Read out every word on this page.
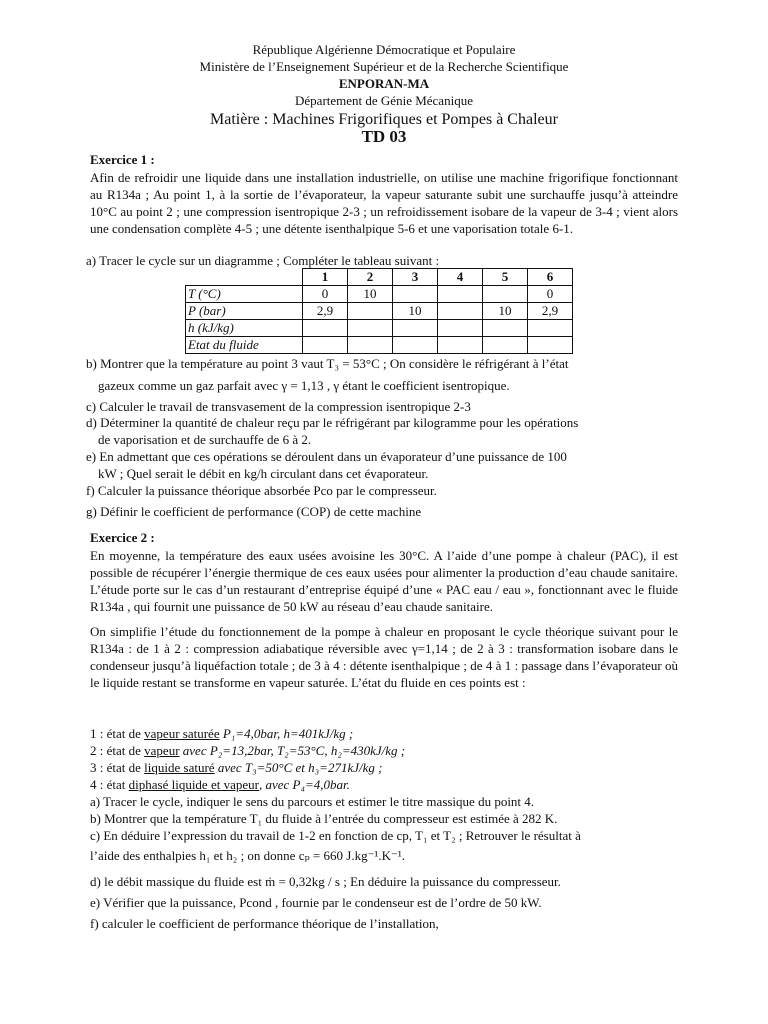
République Algérienne Démocratique et Populaire
Ministère de l’Enseignement Supérieur et de la Recherche Scientifique
ENPORAN-MA
Département de Génie Mécanique
Matière : Machines Frigorifiques et Pompes à Chaleur
TD 03
Exercice 1 :
Afin de refroidir une liquide dans une installation industrielle, on utilise une machine frigorifique fonctionnant au R134a ; Au point 1, à la sortie de l’évaporateur, la vapeur saturante subit une surchauffe jusqu’à atteindre 10°C au point 2 ; une compression isentropique 2-3 ; un refroidissement isobare de la vapeur de 3-4 ; vient alors une condensation complète 4-5 ; une détente isenthalpique 5-6 et une vaporisation totale 6-1.
a) Tracer le cycle sur un diagramme ; Compléter le tableau suivant :
	1	2	3	4	5	6
T (°C)	0	10				0
P (bar)	2,9		10		10	2,9
h (kJ/kg)						
Etat du fluide						
b) Montrer que la température au point 3 vaut T₃ = 53°C ; On considère le réfrigérant à l’état
gazeux comme un gaz parfait avec γ = 1,13 , γ étant le coefficient isentropique.
c) Calculer le travail de transvasement de la compression isentropique 2-3
d) Déterminer la quantité de chaleur reçu par le réfrigérant par kilogramme pour les opérations
de vaporisation et de surchauffe de 6 à 2.
e) En admettant que ces opérations se déroulent dans un évaporateur d’une puissance de 100
kW ; Quel serait le débit en kg/h circulant dans cet évaporateur.
f) Calculer la puissance théorique absorbée Pco par le compresseur.
g) Définir le coefficient de performance (COP) de cette machine
Exercice 2 :
En moyenne, la température des eaux usées avoisine les 30°C. A l’aide d’une pompe à chaleur (PAC), il est possible de récupérer l’énergie thermique de ces eaux usées pour alimenter la production d’eau chaude sanitaire. L’étude porte sur le cas d’un restaurant d’entreprise équipé d’une « PAC eau / eau », fonctionnant avec le fluide R134a , qui fournit une puissance de 50 kW au réseau d’eau chaude sanitaire.
On simplifie l’étude du fonctionnement de la pompe à chaleur en proposant le cycle théorique suivant pour le R134a : de 1 à 2 : compression adiabatique réversible avec γ=1,14 ; de 2 à 3 : transformation isobare dans le condenseur jusqu’à liquéfaction totale ; de 3 à 4 : détente isenthalpique ; de 4 à 1 : passage dans l’évaporateur où le liquide restant se transforme en vapeur saturée. L’état du fluide en ces points est :
1 : état de vapeur saturée P₁=4,0bar, h=401kJ/kg ;
2 : état de vapeur avec P₂=13,2bar, T₂=53°C, h₂=430kJ/kg ;
3 : état de liquide saturé avec T₃=50°C et h₃=271kJ/kg ;
4 : état diphasé liquide et vapeur, avec P₄=4,0bar.
a) Tracer le cycle, indiquer le sens du parcours et estimer le titre massique du point 4.
b) Montrer que la température T₁ du fluide à l’entrée du compresseur est estimée à 282 K.
c) En déduire l’expression du travail de 1-2 en fonction de cp, T₁ et T₂ ; Retrouver le résultat à
l’aide des enthalpies h₁ et h₂ ; on donne cₚ = 660 J.kg⁻¹.K⁻¹.
d) le débit massique du fluide est ṁ = 0,32kg / s ; En déduire la puissance du compresseur.
e) Vérifier que la puissance, Pcond , fournie par le condenseur est de l’ordre de 50 kW.
f) calculer le coefficient de performance théorique de l’installation,
